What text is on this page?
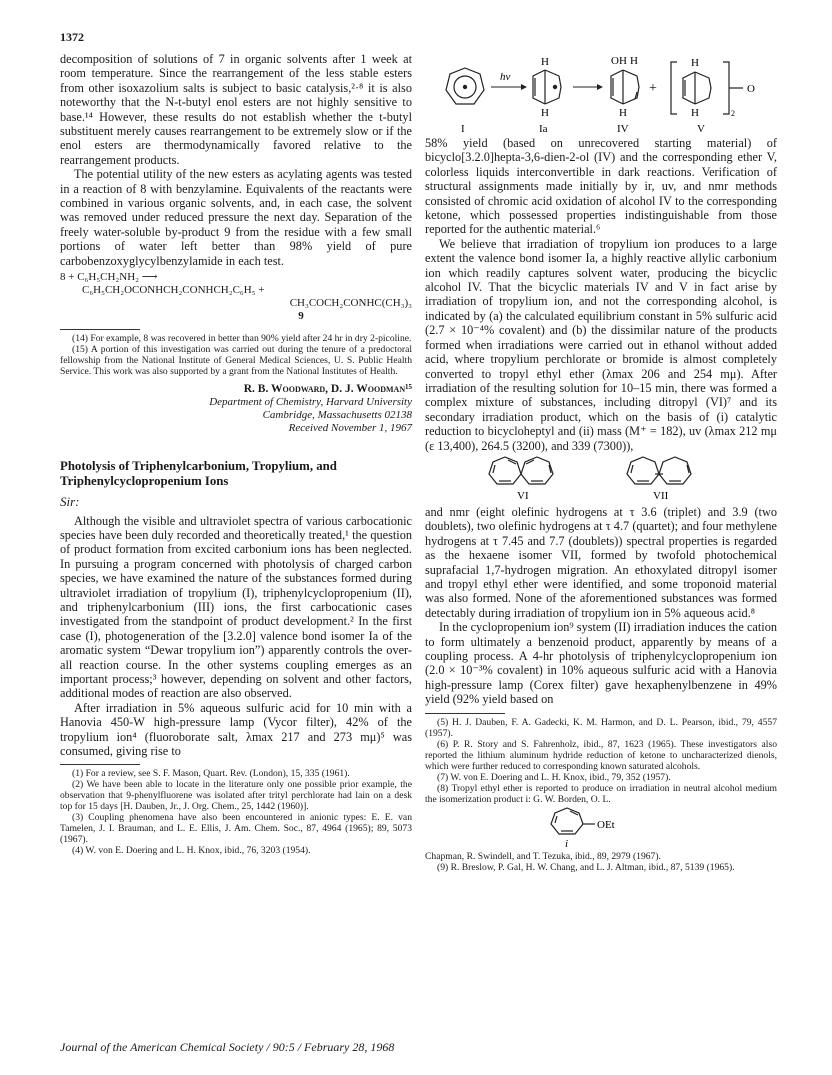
1372

decomposition of solutions of 7 in organic solvents after 1 week at room temperature. Since the rearrangement of the less stable esters from other isoxazolium salts is subject to basic catalysis,²·⁸ it is also noteworthy that the N-t-butyl enol esters are not highly sensitive to base.¹⁴ However, these results do not establish whether the t-butyl substituent merely causes rearrangement to be extremely slow or if the enol esters are thermodynamically favored relative to the rearrangement products.

The potential utility of the new esters as acylating agents was tested in a reaction of 8 with benzylamine. Equivalents of the reactants were combined in various organic solvents, and, in each case, the solvent was removed under reduced pressure the next day. Separation of the freely water-soluble by-product 9 from the residue with a few small portions of water left better than 98% yield of pure carbobenzoxyglycylbenzylamide in each test.

8 + C₆H₅CH₂NH₂ ⟶
C₆H₅CH₂OCONHCH₂CONHCH₂C₆H₅ +
CH₃COCH₂CONHC(CH₃)₃
9

(14) For example, 8 was recovered in better than 90% yield after 24 hr in dry 2-picoline.

(15) A portion of this investigation was carried out during the tenure of a predoctoral fellowship from the National Institute of General Medical Sciences, U. S. Public Health Service. This work was also supported by a grant from the National Institutes of Health.

R. B. Woodward, D. J. Woodman¹⁵
Department of Chemistry, Harvard University
Cambridge, Massachusetts 02138
Received November 1, 1967
Photolysis of Triphenylcarbonium, Tropylium, and Triphenylcyclopropenium Ions
Sir:

Although the visible and ultraviolet spectra of various carbocationic species have been duly recorded and theoretically treated,¹ the question of product formation from excited carbonium ions has been neglected. In pursuing a program concerned with photolysis of charged carbon species, we have examined the nature of the substances formed during ultraviolet irradiation of tropylium (I), triphenylcyclopropenium (II), and triphenylcarbonium (III) ions, the first carbocationic cases investigated from the standpoint of product development.² In the first case (I), photogeneration of the [3.2.0] valence bond isomer Ia of the aromatic system “Dewar tropylium ion”) apparently controls the over-all reaction course. In the other systems coupling emerges as an important process;³ however, depending on solvent and other factors, additional modes of reaction are also observed.

After irradiation in 5% aqueous sulfuric acid for 10 min with a Hanovia 450-W high-pressure lamp (Vycor filter), 42% of the tropylium ion⁴ (fluoroborate salt, λmax 217 and 273 mμ)⁵ was consumed, giving rise to

(1) For a review, see S. F. Mason, Quart. Rev. (London), 15, 335 (1961).

(2) We have been able to locate in the literature only one possible prior example, the observation that 9-phenylfluorene was isolated after trityl perchlorate had lain on a desk top for 15 days [H. Dauben, Jr., J. Org. Chem., 25, 1442 (1960)].

(3) Coupling phenomena have also been encountered in anionic types: E. E. van Tamelen, J. I. Brauman, and L. E. Ellis, J. Am. Chem. Soc., 87, 4964 (1965); 89, 5073 (1967).

(4) W. von E. Doering and L. H. Knox, ibid., 76, 3203 (1954).

I
hν
H
H
Ia
OH H
H
IV
+
H
H	2
O
V

58% yield (based on unrecovered starting material) of bicyclo[3.2.0]hepta-3,6-dien-2-ol (IV) and the corresponding ether V, colorless liquids interconvertible in dark reactions. Verification of structural assignments made initially by ir, uv, and nmr methods consisted of chromic acid oxidation of alcohol IV to the corresponding ketone, which possessed properties indistinguishable from those reported for the authentic material.⁶

We believe that irradiation of tropylium ion produces to a large extent the valence bond isomer Ia, a highly reactive allylic carbonium ion which readily captures solvent water, producing the bicyclic alcohol IV. That the bicyclic materials IV and V in fact arise by irradiation of tropylium ion, and not the corresponding alcohol, is indicated by (a) the calculated equilibrium constant in 5% sulfuric acid (2.7 × 10⁻⁴% covalent) and (b) the dissimilar nature of the products formed when irradiations were carried out in ethanol without added acid, where tropylium perchlorate or bromide is almost completely converted to tropyl ethyl ether (λmax 206 and 254 mμ). After irradiation of the resulting solution for 10–15 min, there was formed a complex mixture of substances, including ditropyl (VI)⁷ and its secondary irradiation product, which on the basis of (i) catalytic reduction to bicycloheptyl and (ii) mass (M⁺ = 182), uv (λmax 212 mμ (ε 13,400), 264.5 (3200), and 339 (7300)),

VI	VII

and nmr (eight olefinic hydrogens at τ 3.6 (triplet) and 3.9 (two doublets), two olefinic hydrogens at τ 4.7 (quartet); and four methylene hydrogens at τ 7.45 and 7.7 (doublets)) spectral properties is regarded as the hexaene isomer VII, formed by twofold photochemical suprafacial 1,7-hydrogen migration. An ethoxylated ditropyl isomer and tropyl ethyl ether were identified, and some troponoid material was also formed. None of the aforementioned substances was formed detectably during irradiation of tropylium ion in 5% aqueous acid.⁸

In the cyclopropenium ion⁹ system (II) irradiation induces the cation to form ultimately a benzenoid product, apparently by means of a coupling process. A 4-hr photolysis of triphenylcyclopropenium ion (2.0 × 10⁻³% covalent) in 10% aqueous sulfuric acid with a Hanovia high-pressure lamp (Corex filter) gave hexaphenylbenzene in 49% yield (92% yield based on

(5) H. J. Dauben, F. A. Gadecki, K. M. Harmon, and D. L. Pearson, ibid., 79, 4557 (1957).

(6) P. R. Story and S. Fahrenholz, ibid., 87, 1623 (1965). These investigators also reported the lithium aluminum hydride reduction of ketone to uncharacterized dienols, which were further reduced to corresponding known saturated alcohols.

(7) W. von E. Doering and L. H. Knox, ibid., 79, 352 (1957).

(8) Tropyl ethyl ether is reported to produce on irradiation in neutral alcohol medium the isomerization product i: G. W. Borden, O. L.

OEt
i

Chapman, R. Swindell, and T. Tezuka, ibid., 89, 2979 (1967).

(9) R. Breslow, P. Gal, H. W. Chang, and L. J. Altman, ibid., 87, 5139 (1965).

Journal of the American Chemical Society / 90:5 / February 28, 1968
